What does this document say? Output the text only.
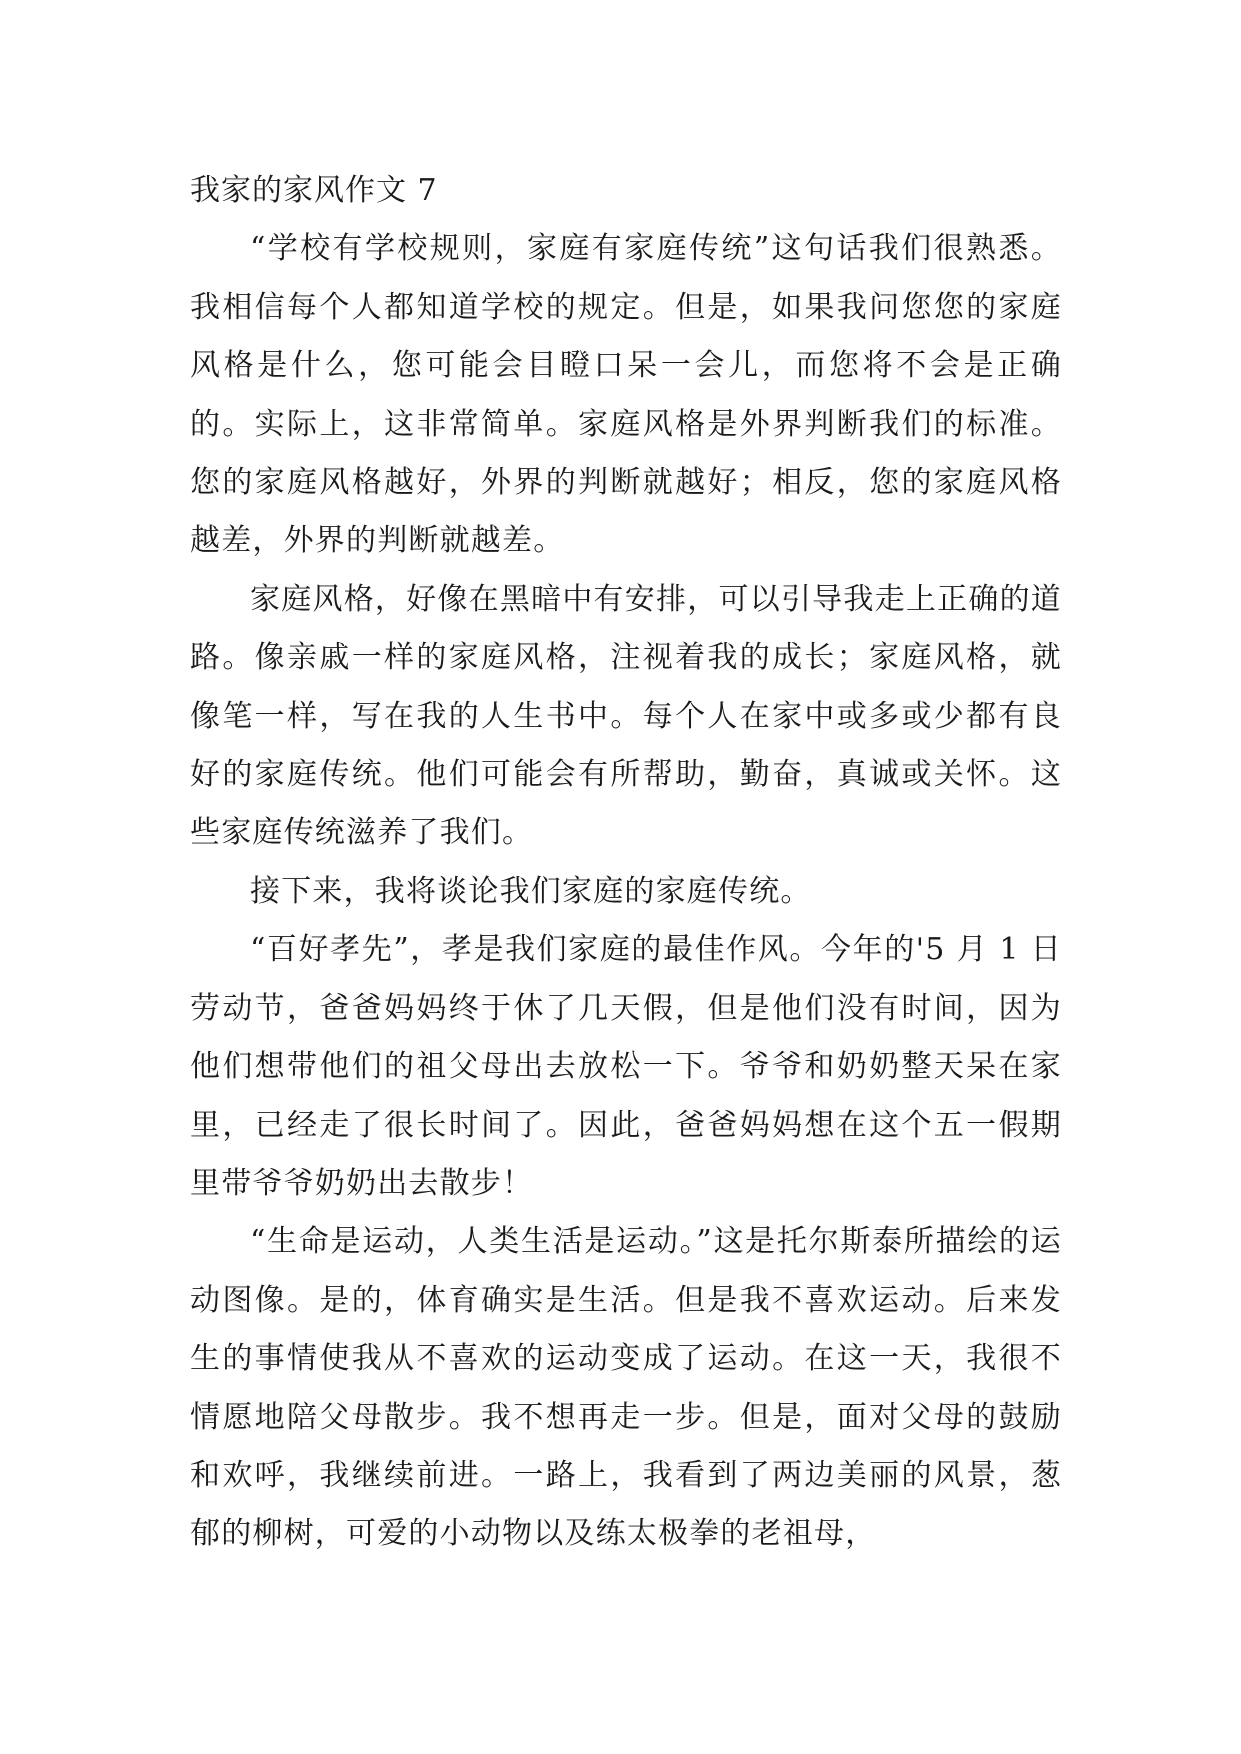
我家的家风作文 7

“学校有学校规则，家庭有家庭传统”这句话我们很熟悉。我相信每个人都知道学校的规定。但是，如果我问您您的家庭风格是什么，您可能会目瞪口呆一会儿，而您将不会是正确的。实际上，这非常简单。家庭风格是外界判断我们的标准。您的家庭风格越好，外界的判断就越好；相反，您的家庭风格越差，外界的判断就越差。

家庭风格，好像在黑暗中有安排，可以引导我走上正确的道路。像亲戚一样的家庭风格，注视着我的成长；家庭风格，就像笔一样，写在我的人生书中。每个人在家中或多或少都有良好的家庭传统。他们可能会有所帮助，勤奋，真诚或关怀。这些家庭传统滋养了我们。

接下来，我将谈论我们家庭的家庭传统。

“百好孝先”，孝是我们家庭的最佳作风。今年的'5 月 1 日劳动节，爸爸妈妈终于休了几天假，但是他们没有时间，因为他们想带他们的祖父母出去放松一下。爷爷和奶奶整天呆在家里，已经走了很长时间了。因此，爸爸妈妈想在这个五一假期里带爷爷奶奶出去散步！

“生命是运动，人类生活是运动。”这是托尔斯泰所描绘的运动图像。是的，体育确实是生活。但是我不喜欢运动。后来发生的事情使我从不喜欢的运动变成了运动。在这一天，我很不情愿地陪父母散步。我不想再走一步。但是，面对父母的鼓励和欢呼，我继续前进。一路上，我看到了两边美丽的风景，葱郁的柳树，可爱的小动物以及练太极拳的老祖母，
